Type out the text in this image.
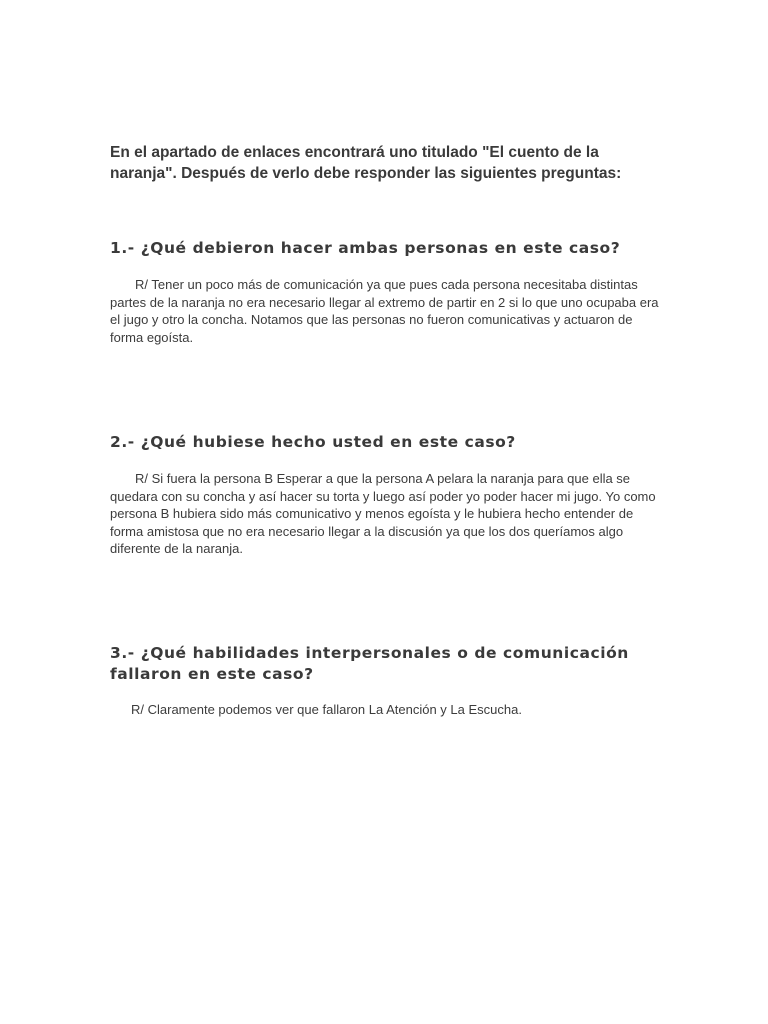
En el apartado de enlaces encontrará uno titulado "El cuento de la naranja". Después de verlo debe responder las siguientes preguntas:

1.- ¿Qué debieron hacer ambas personas en este caso?

R/ Tener un poco más de comunicación ya que pues cada persona necesitaba distintas partes de la naranja no era necesario llegar al extremo de partir en 2 si lo que uno ocupaba era el jugo y otro la concha. Notamos que las personas no fueron comunicativas y actuaron de forma egoísta.

2.- ¿Qué hubiese hecho usted en este caso?

R/ Si fuera la persona B Esperar a que la persona A pelara la naranja para que ella se quedara con su concha y así hacer su torta y luego así poder yo poder hacer mi jugo. Yo como persona B hubiera sido más comunicativo y menos egoísta y le hubiera hecho entender de forma amistosa que no era necesario llegar a la discusión ya que los dos queríamos algo diferente de la naranja.

3.- ¿Qué habilidades interpersonales o de comunicación fallaron en este caso?

R/ Claramente podemos ver que fallaron La Atención y La Escucha.
